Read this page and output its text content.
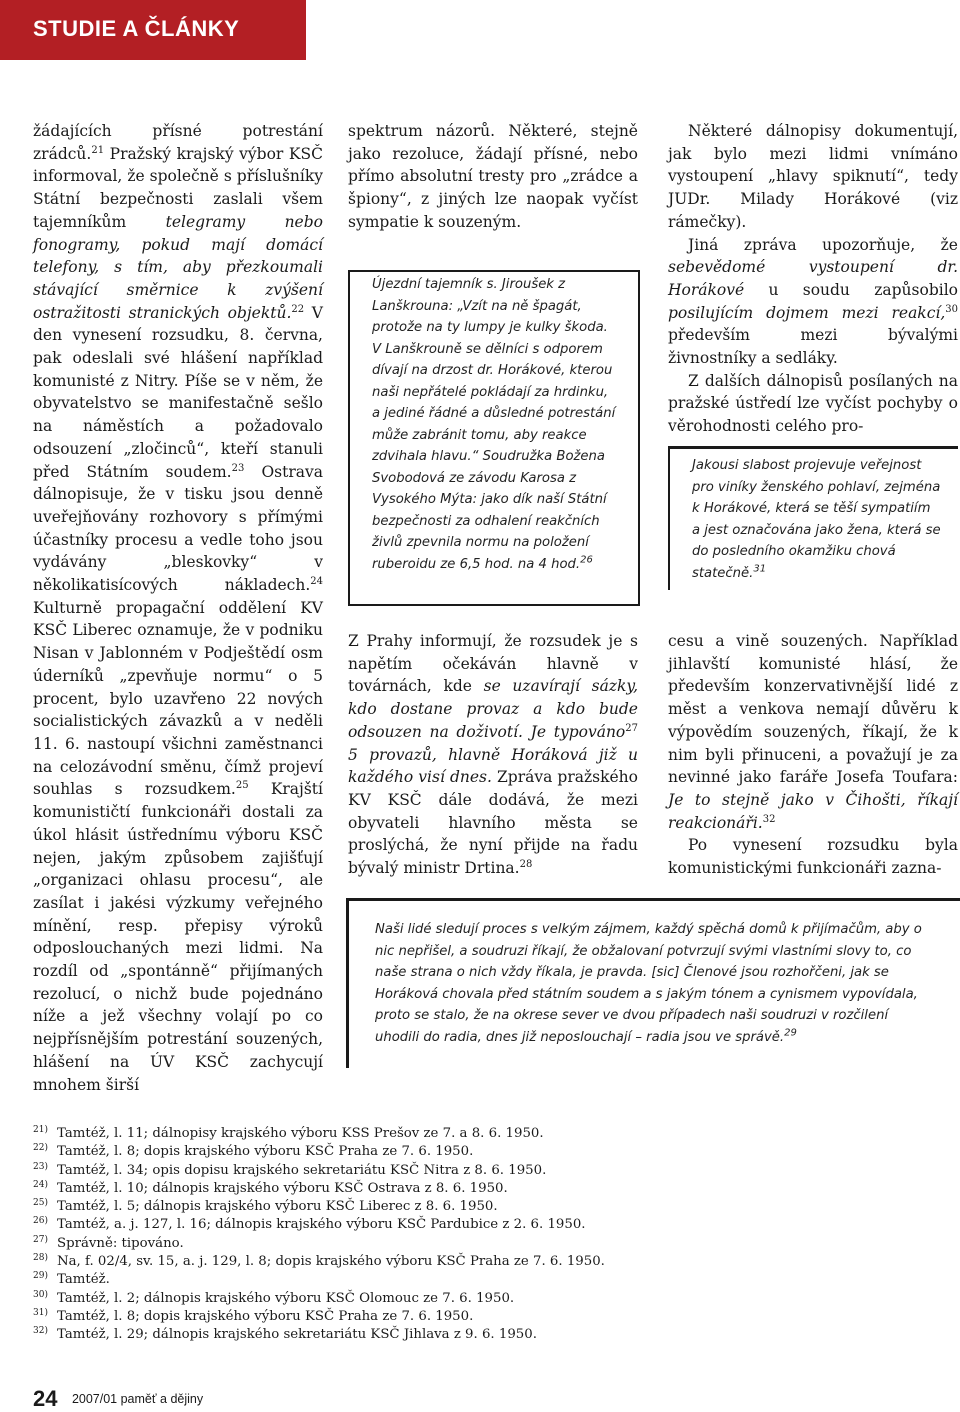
STUDIE A ČLÁNKY

žádajících přísné potrestání zrádců.$^{21}$ Pražský krajský výbor KSČ informoval, že společně s příslušníky Státní bezpečnosti zaslali všem tajemníkům telegramy nebo fonogramy, pokud mají domácí telefony, s tím, aby přezkoumali stávající směrnice k zvýšení ostražitosti stranických objektů.$^{22}$ V den vynesení rozsudku, 8. června, pak odeslali své hlášení například komunisté z Nitry. Píše se v něm, že obyvatelstvo se manifestačně sešlo na náměstích a požadovalo odsouzení „zločinců“, kteří stanuli před Státním soudem.$^{23}$ Ostrava dálnopisuje, že v tisku jsou denně uveřejňovány rozhovory s přímými účastníky procesu a vedle toho jsou vydávány „bleskovky“ v několikatisícových nákladech.$^{24}$ Kulturně propagační oddělení KV KSČ Liberec oznamuje, že v podniku Nisan v Jablonném v Podještědí osm úderníků „zpevňuje normu“ o 5 procent, bylo uzavřeno 22 nových socialistických závazků a v neděli 11. 6. nastoupí všichni zaměstnanci na celozávodní směnu, čímž projeví souhlas s rozsudkem.$^{25}$ Krajští komunističtí funkcionáři dostali za úkol hlásit ústřednímu výboru KSČ nejen, jakým způsobem zajišťují „organizaci ohlasu procesu“, ale zasílat i jakési výzkumy veřejného mínění, resp. přepisy výroků odposlouchaných mezi lidmi. Na rozdíl od „spontánně“ přijímaných rezolucí, o nichž bude pojednáno níže a jež všechny volají po co nejpřísnějším potrestání souzených, hlášení na ÚV KSČ zachycují mnohem širší

spektrum názorů. Některé, stejně jako rezoluce, žádají přísné, nebo přímo absolutní tresty pro „zrádce a špiony“, z jiných lze naopak vyčíst sympatie k souzeným.

Újezdní tajemník s. Jiroušek z Lanškrouna: „Vzít na ně špagát, protože na ty lumpy je kulky škoda. V Lanškrouně se dělníci s odporem dívají na drzost dr. Horákové, kterou naši nepřátelé pokládají za hrdinku, a jediné řádné a důsledné potrestání může zabránit tomu, aby reakce zdvihala hlavu.“ Soudružka Božena Svobodová ze závodu Karosa z Vysokého Mýta: jako dík naší Státní bezpečnosti za odhalení reakčních živlů zpevnila normu na položení ruberoidu ze 6,5 hod. na 4 hod.$^{26}$

Z Prahy informují, že rozsudek je s napětím očekáván hlavně v továrnách, kde se uzavírají sázky, kdo dostane provaz a kdo bude odsouzen na doživotí. Je typováno$^{27}$ 5 provazů, hlavně Horáková již u každého visí dnes. Zpráva pražského KV KSČ dále dodává, že mezi obyvateli hlavního města se proslýchá, že nyní přijde na řadu bývalý ministr Drtina.$^{28}$

Některé dálnopisy dokumentují, jak bylo mezi lidmi vnímáno vystoupení „hlavy spiknutí“, tedy JUDr. Milady Horákové (viz rámečky).

Jiná zpráva upozorňuje, že sebevědomé vystoupení dr. Horákové u soudu zapůsobilo posilujícím dojmem mezi reakcí,$^{30}$ především mezi bývalými živnostníky a sedláky.

Z dalších dálnopisů posílaných na pražské ústředí lze vyčíst pochyby o věrohodnosti celého pro-

Jakousi slabost projevuje veřejnost pro viníky ženského pohlaví, zejména k Horákové, která se těší sympatiím a jest označována jako žena, která se do posledního okamžiku chová statečně.$^{31}$

cesu a vině souzených. Například jihlavští komunisté hlásí, že především konzervativnější lidé z měst a venkova nemají důvěru k výpovědím souzených, říkají, že k nim byli přinuceni, a považují je za nevinné jako faráře Josefa Toufara: Je to stejně jako v Čihošti, říkají reakcionáři.$^{32}$

Po vynesení rozsudku byla komunistickými funkcionáři zazna-

Naši lidé sledují proces s velkým zájmem, každý spěchá domů k přijímačům, aby o nic nepřišel, a soudruzi říkají, že obžalovaní potvrzují svými vlastními slovy to, co naše strana o nich vždy říkala, je pravda. [sic] Členové jsou rozhořčeni, jak se Horáková chovala před státním soudem a s jakým tónem a cynismem vypovídala, proto se stalo, že na okrese sever ve dvou případech naši soudruzi v rozčilení uhodili do radia, dnes již neposlouchají – radia jsou ve správě.$^{29}$
21) Tamtéž, l. 11; dálnopisy krajského výboru KSS Prešov ze 7. a 8. 6. 1950.
22) Tamtéž, l. 8; dopis krajského výboru KSČ Praha ze 7. 6. 1950.
23) Tamtéž, l. 34; opis dopisu krajského sekretariátu KSČ Nitra z 8. 6. 1950.
24) Tamtéž, l. 10; dálnopis krajského výboru KSČ Ostrava z 8. 6. 1950.
25) Tamtéž, l. 5; dálnopis krajského výboru KSČ Liberec z 8. 6. 1950.
26) Tamtéž, a. j. 127, l. 16; dálnopis krajského výboru KSČ Pardubice z 2. 6. 1950.
27) Správně: tipováno.
28) Na, f. 02/4, sv. 15, a. j. 129, l. 8; dopis krajského výboru KSČ Praha ze 7. 6. 1950.
29) Tamtéž.
30) Tamtéž, l. 2; dálnopis krajského výboru KSČ Olomouc ze 7. 6. 1950.
31) Tamtéž, l. 8; dopis krajského výboru KSČ Praha ze 7. 6. 1950.
32) Tamtéž, l. 29; dálnopis krajského sekretariátu KSČ Jihlava z 9. 6. 1950.
24 2007/01 paměť a dějiny
